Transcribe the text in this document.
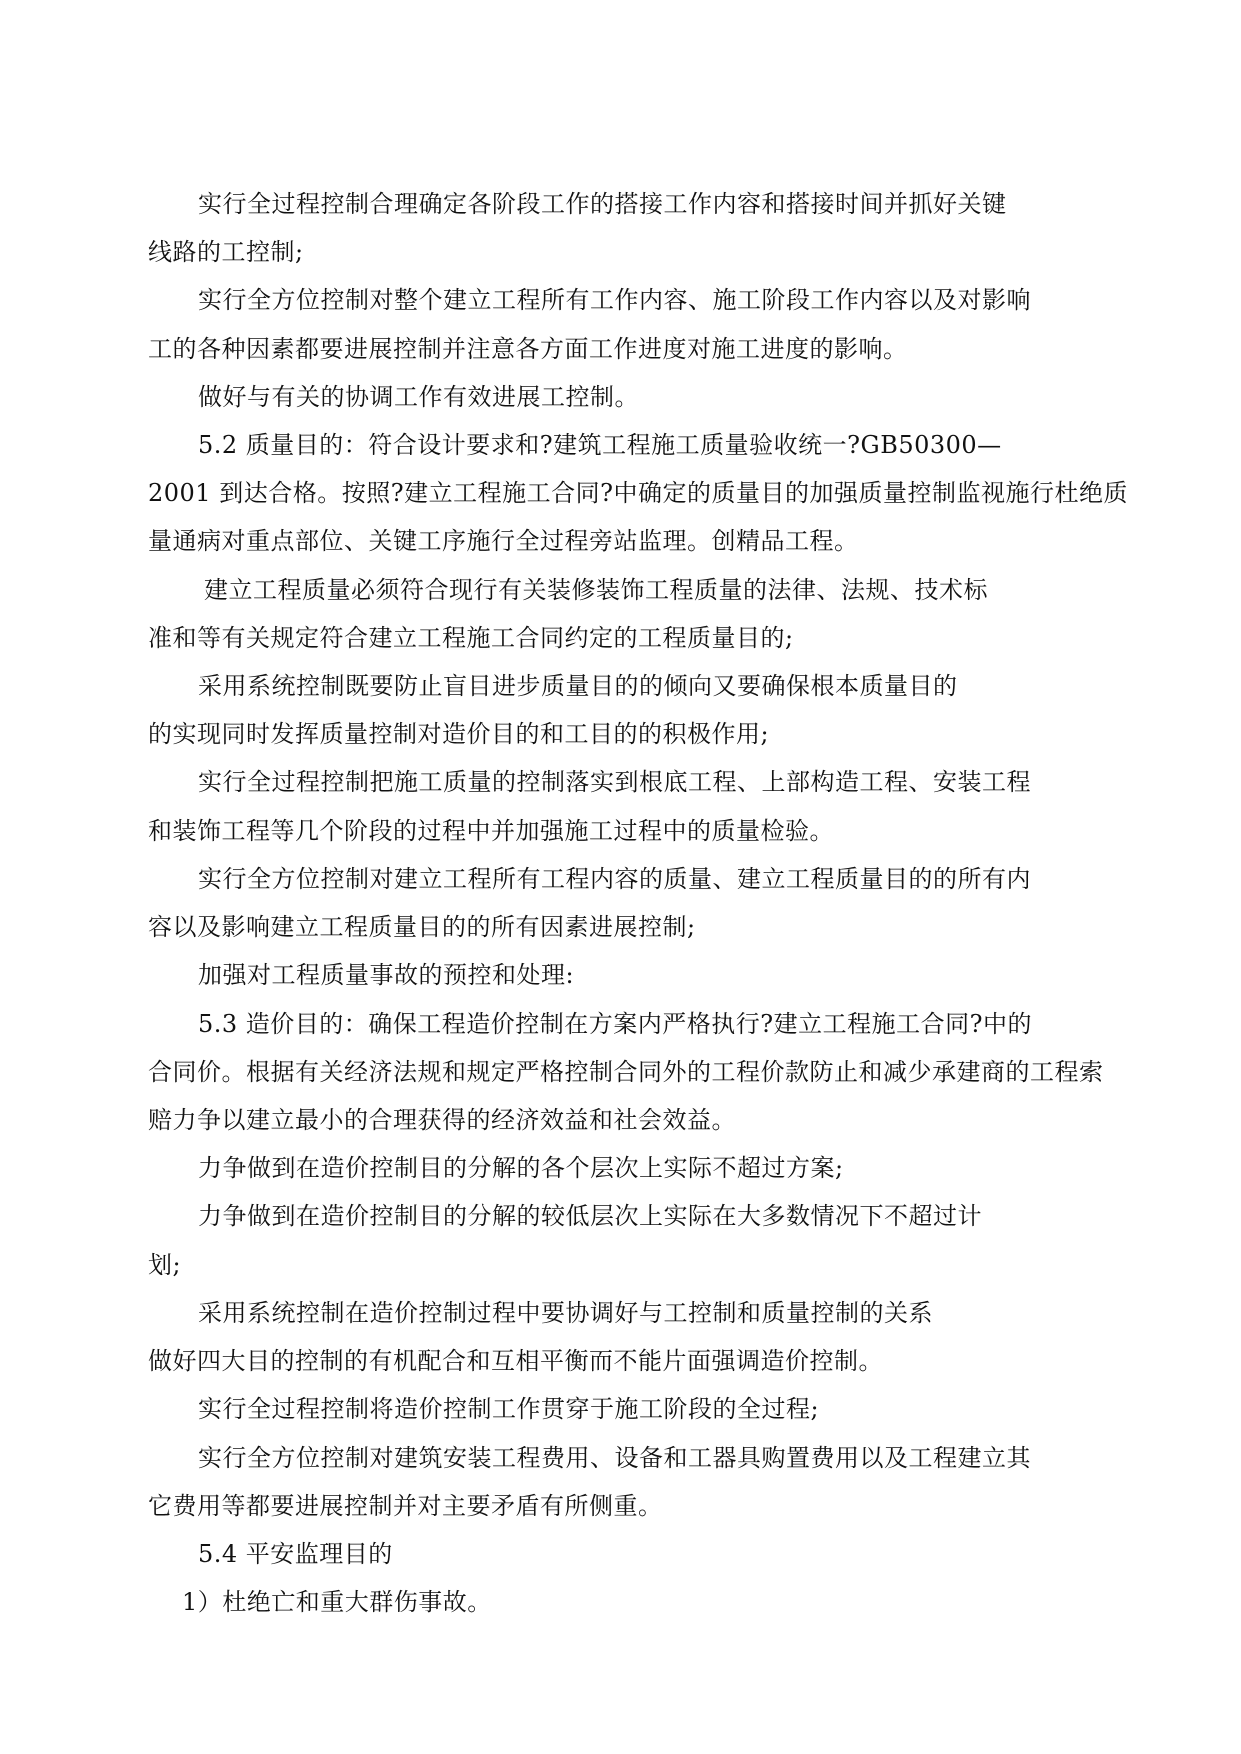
实行全过程控制合理确定各阶段工作的搭接工作内容和搭接时间并抓好关键
线路的工控制;
实行全方位控制对整个建立工程所有工作内容、施工阶段工作内容以及对影响
工的各种因素都要进展控制并注意各方面工作进度对施工进度的影响。
做好与有关的协调工作有效进展工控制。
5.2 质量目的：符合设计要求和?建筑工程施工质量验收统一?GB50300—
2001 到达合格。按照?建立工程施工合同?中确定的质量目的加强质量控制监视施行杜绝质
量通病对重点部位、关键工序施行全过程旁站监理。创精品工程。
建立工程质量必须符合现行有关装修装饰工程质量的法律、法规、技术标
准和等有关规定符合建立工程施工合同约定的工程质量目的;
采用系统控制既要防止盲目进步质量目的的倾向又要确保根本质量目的
的实现同时发挥质量控制对造价目的和工目的的积极作用;
实行全过程控制把施工质量的控制落实到根底工程、上部构造工程、安装工程
和装饰工程等几个阶段的过程中并加强施工过程中的质量检验。
实行全方位控制对建立工程所有工程内容的质量、建立工程质量目的的所有内
容以及影响建立工程质量目的的所有因素进展控制;
加强对工程质量事故的预控和处理:
5.3 造价目的：确保工程造价控制在方案内严格执行?建立工程施工合同?中的
合同价。根据有关经济法规和规定严格控制合同外的工程价款防止和减少承建商的工程索
赔力争以建立最小的合理获得的经济效益和社会效益。
力争做到在造价控制目的分解的各个层次上实际不超过方案;
力争做到在造价控制目的分解的较低层次上实际在大多数情况下不超过计
划;
采用系统控制在造价控制过程中要协调好与工控制和质量控制的关系
做好四大目的控制的有机配合和互相平衡而不能片面强调造价控制。
实行全过程控制将造价控制工作贯穿于施工阶段的全过程;
实行全方位控制对建筑安装工程费用、设备和工器具购置费用以及工程建立其
它费用等都要进展控制并对主要矛盾有所侧重。
5.4 平安监理目的
1）杜绝亡和重大群伤事故。
